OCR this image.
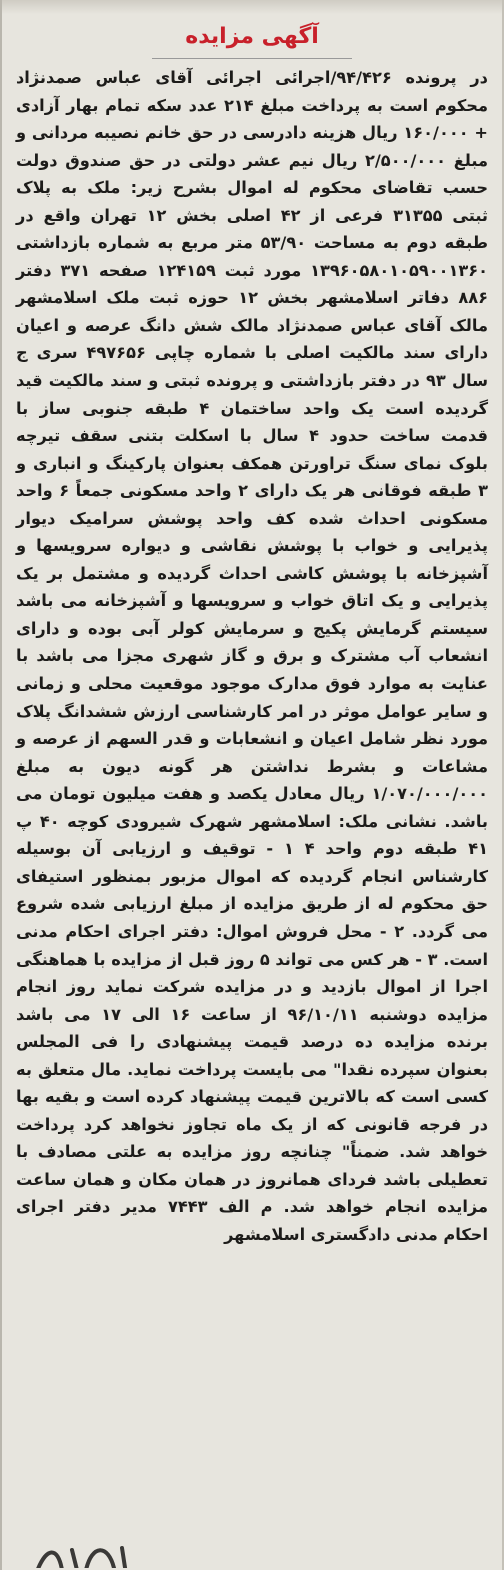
آگهی مزایده

در پرونده ۹۴/۴۲۶/اجرائی اجرائی آقای عباس صمدنژاد محکوم است به پرداخت مبلغ ۲۱۴ عدد سکه تمام بهار آزادی + ۱۶۰/۰۰۰ ریال هزینه دادرسی در حق خانم نصیبه مردانی و مبلغ ۲/۵۰۰/۰۰۰ ریال نیم عشر دولتی در حق صندوق دولت حسب تقاضای محکوم له اموال بشرح زیر: ملک به پلاک ثبتی ۳۱۳۵۵ فرعی از ۴۲ اصلی بخش ۱۲ تهران واقع در طبقه دوم به مساحت ۵۳/۹۰ متر مربع به شماره بازداشتی ۱۳۹۶۰۵۸۰۱۰۵۹۰۰۱۳۶۰ مورد ثبت ۱۲۴۱۵۹ صفحه ۳۷۱ دفتر ۸۸۶ دفاتر اسلامشهر بخش ۱۲ حوزه ثبت ملک اسلامشهر مالک آقای عباس صمدنژاد مالک شش دانگ عرصه و اعیان دارای سند مالکیت اصلی با شماره چاپی ۴۹۷۶۵۶ سری ج سال ۹۳ در دفتر بازداشتی و پرونده ثبتی و سند مالکیت قید گردیده است یک واحد ساختمان ۴ طبقه جنوبی ساز با قدمت ساخت حدود ۴ سال با اسکلت بتنی سقف تیرچه بلوک نمای سنگ تراورتن همکف بعنوان پارکینگ و انباری و ۳ طبقه فوقانی هر یک دارای ۲ واحد مسکونی جمعاً ۶ واحد مسکونی احداث شده کف واحد پوشش سرامیک دیوار پذیرایی و خواب با پوشش نقاشی و دیواره سرویسها و آشپزخانه با پوشش کاشی احداث گردیده و مشتمل بر یک پذیرایی و یک اتاق خواب و سرویسها و آشپزخانه می باشد سیستم گرمایش پکیج و سرمایش کولر آبی بوده و دارای انشعاب آب مشترک و برق و گاز شهری مجزا می باشد با عنایت به موارد فوق مدارک موجود موقعیت محلی و زمانی و سایر عوامل موثر در امر کارشناسی ارزش ششدانگ پلاک مورد نظر شامل اعیان و انشعابات و قدر السهم از عرصه و مشاعات و بشرط نداشتن هر گونه دیون به مبلغ ۱/۰۷۰/۰۰۰/۰۰۰ ریال معادل یکصد و هفت میلیون تومان می باشد. نشانی ملک: اسلامشهر شهرک شیرودی کوچه ۴۰ پ ۴۱ طبقه دوم واحد ۴ ۱ - توقیف و ارزیابی آن بوسیله کارشناس انجام گردیده که اموال مزبور بمنظور استیفای حق محکوم له از طریق مزایده از مبلغ ارزیابی شده شروع می گردد. ۲ - محل فروش اموال: دفتر اجرای احکام مدنی است. ۳ - هر کس می تواند ۵ روز قبل از مزایده با هماهنگی اجرا از اموال بازدید و در مزایده شرکت نماید روز انجام مزایده دوشنبه ۹۶/۱۰/۱۱ از ساعت ۱۶ الی ۱۷ می باشد برنده مزایده ده درصد قیمت پیشنهادی را فی المجلس بعنوان سپرده نقدا" می بایست پرداخت نماید. مال متعلق به کسی است که بالاترین قیمت پیشنهاد کرده است و بقیه بها در فرجه قانونی که از یک ماه تجاوز نخواهد کرد پرداخت خواهد شد. ضمناً" چنانچه روز مزایده به علتی مصادف با تعطیلی باشد فردای همانروز در همان مکان و همان ساعت مزایده انجام خواهد شد. م الف ۷۴۴۳ مدیر دفتر اجرای احکام مدنی دادگستری اسلامشهر
